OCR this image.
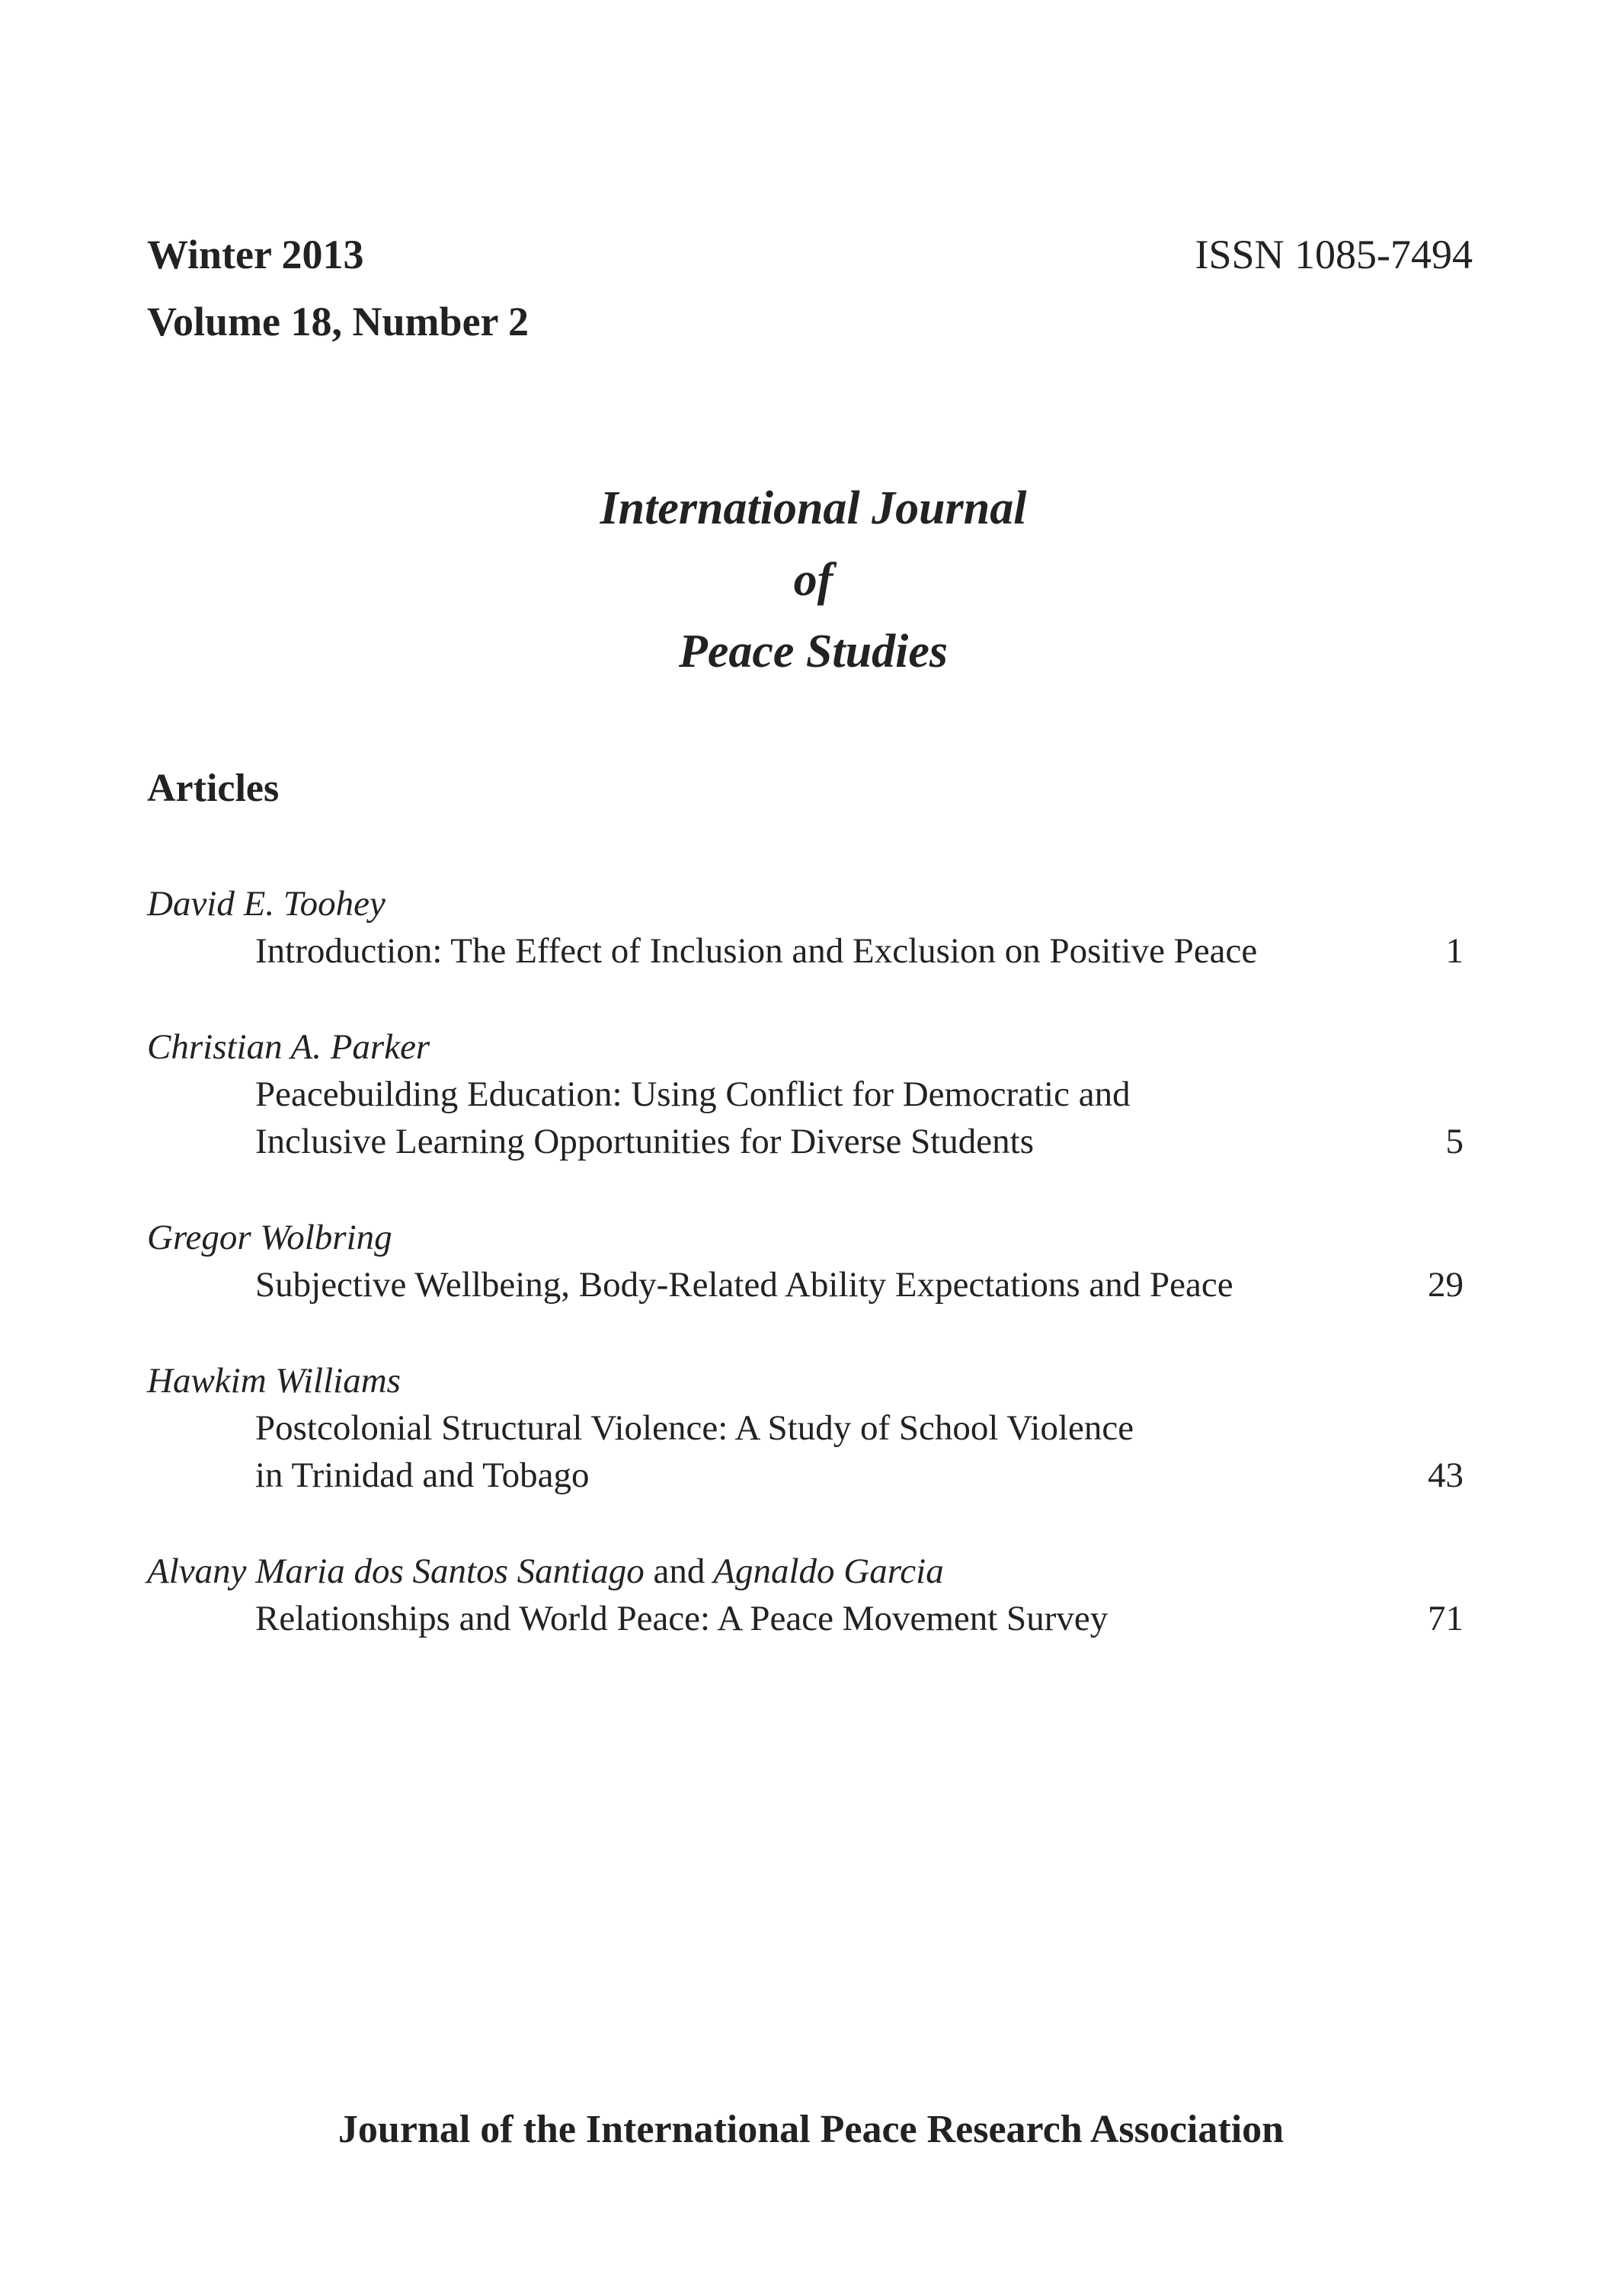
Winter 2013
Volume 18, Number 2
ISSN 1085-7494
International Journal
of
Peace Studies
Articles
David E. Toohey
Introduction: The Effect of Inclusion and Exclusion on Positive Peace	1
Christian A. Parker
Peacebuilding Education: Using Conflict for Democratic and
Inclusive Learning Opportunities for Diverse Students	5
Gregor Wolbring
Subjective Wellbeing, Body-Related Ability Expectations and Peace	29
Hawkim Williams
Postcolonial Structural Violence: A Study of School Violence
in Trinidad and Tobago	43
Alvany Maria dos Santos Santiago and Agnaldo Garcia
Relationships and World Peace: A Peace Movement Survey	71
Journal of the International Peace Research Association
